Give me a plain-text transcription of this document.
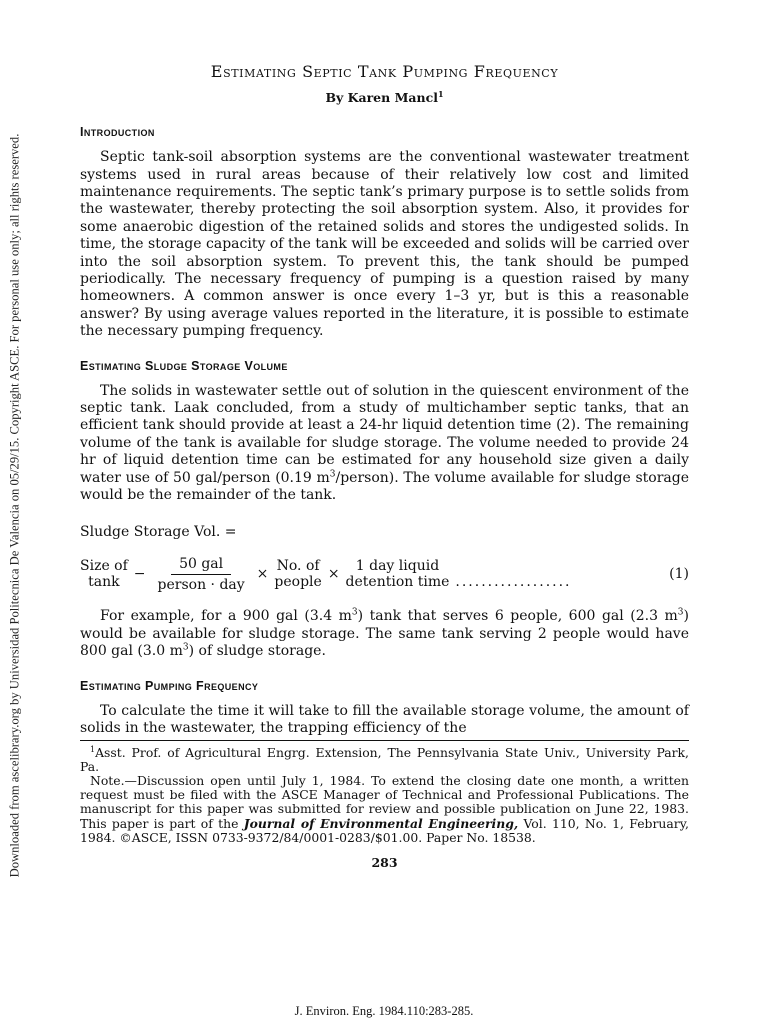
Downloaded from ascelibrary.org by Universidad Politecnica De Valencia on 05/29/15. Copyright ASCE. For personal use only; all rights reserved.
Estimating Septic Tank Pumping Frequency
By Karen Mancl$^1$
Introduction

Septic tank-soil absorption systems are the conventional wastewater treatment systems used in rural areas because of their relatively low cost and limited maintenance requirements. The septic tank’s primary purpose is to settle solids from the wastewater, thereby protecting the soil absorption system. Also, it provides for some anaerobic digestion of the retained solids and stores the undigested solids. In time, the storage capacity of the tank will be exceeded and solids will be carried over into the soil absorption system. To prevent this, the tank should be pumped periodically. The necessary frequency of pumping is a question raised by many homeowners. A common answer is once every 1–3 yr, but is this a reasonable answer? By using average values reported in the literature, it is possible to estimate the necessary pumping frequency.

Estimating Sludge Storage Volume

The solids in wastewater settle out of solution in the quiescent environment of the septic tank. Laak concluded, from a study of multichamber septic tanks, that an efficient tank should provide at least a 24-hr liquid detention time (2). The remaining volume of the tank is available for sludge storage. The volume needed to provide 24 hr of liquid detention time can be estimated for any household size given a daily water use of 50 gal/person (0.19 $m^3/person$). The volume available for sludge storage would be the remainder of the tank.

Sludge Storage Vol. =
Size of
$\tan k - \frac{\text{50 gal}}{\text{person · day}} \times No$. of
people × 1 day liquid
detention time ..................	(1)

For example, for a 900 gal (3.4 $m^3$) tank that serves 6 people, 600 gal (2.3 $m^3$) would be available for sludge storage. The same tank serving 2 people would have 800 gal (3.0 $m^3$) of sludge storage.

Estimating Pumping Frequency

To calculate the time it will take to fill the available storage volume, the amount of solids in the wastewater, the trapping efficiency of the

$^1$Asst. Prof. of Agricultural Engrg. Extension, The Pennsylvania State Univ., University Park, Pa.

Note.—Discussion open until July 1, 1984. To extend the closing date one month, a written request must be filed with the ASCE Manager of Technical and Professional Publications. The manuscript for this paper was submitted for review and possible publication on June 22, 1983. This paper is part of the Journal of Environmental Engineering, Vol. 110, No. 1, February, 1984. ©ASCE, ISSN 0733-9372/84/0001-0283/$01.00. Paper No. 18538.

283
J. Environ. Eng. 1984.110:283-285.
